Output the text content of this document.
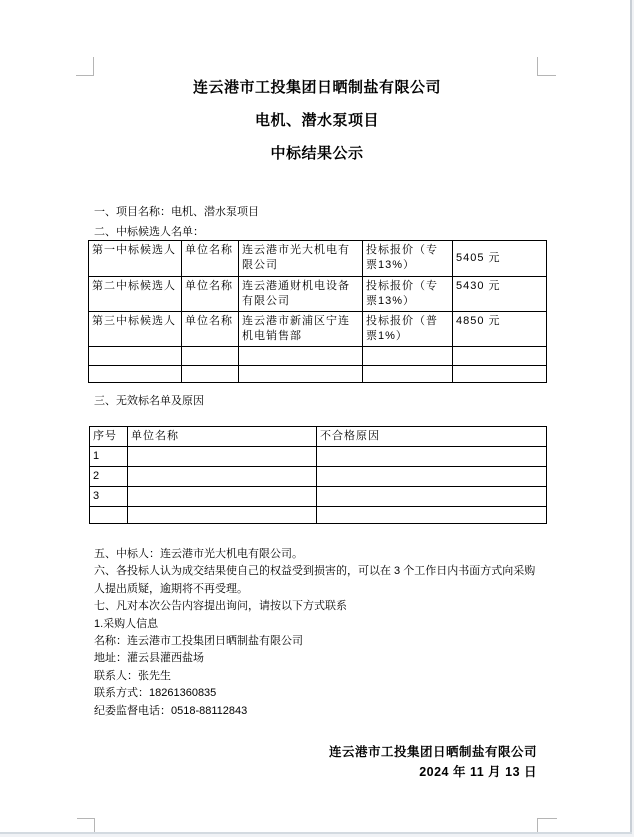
连云港市工投集团日晒制盐有限公司
电机、潜水泵项目
中标结果公示
一、项目名称：电机、潜水泵项目
二、中标候选人名单：
第一中标候选人	单位名称	连云港市光大机电有限公司	投标报价（专票13%）	5405 元
第二中标候选人	单位名称	连云港通财机电设备有限公司	投标报价（专票13%）	5430 元
第三中标候选人	单位名称	连云港市新浦区宁连机电销售部	投标报价（普票1%）	4850 元

三、无效标名单及原因
序号	单位名称	不合格原因
1		
2		
3		

五、中标人：连云港市光大机电有限公司。
六、各投标人认为成交结果使自己的权益受到损害的，可以在 3 个工作日内书面方式向采购人提出质疑，逾期将不再受理。
七、凡对本次公告内容提出询问，请按以下方式联系
1.采购人信息
名称：连云港市工投集团日晒制盐有限公司
地址：灌云县灌西盐场
联系人：张先生
联系方式：18261360835
纪委监督电话：0518-88112843
连云港市工投集团日晒制盐有限公司
2024 年 11 月 13 日
